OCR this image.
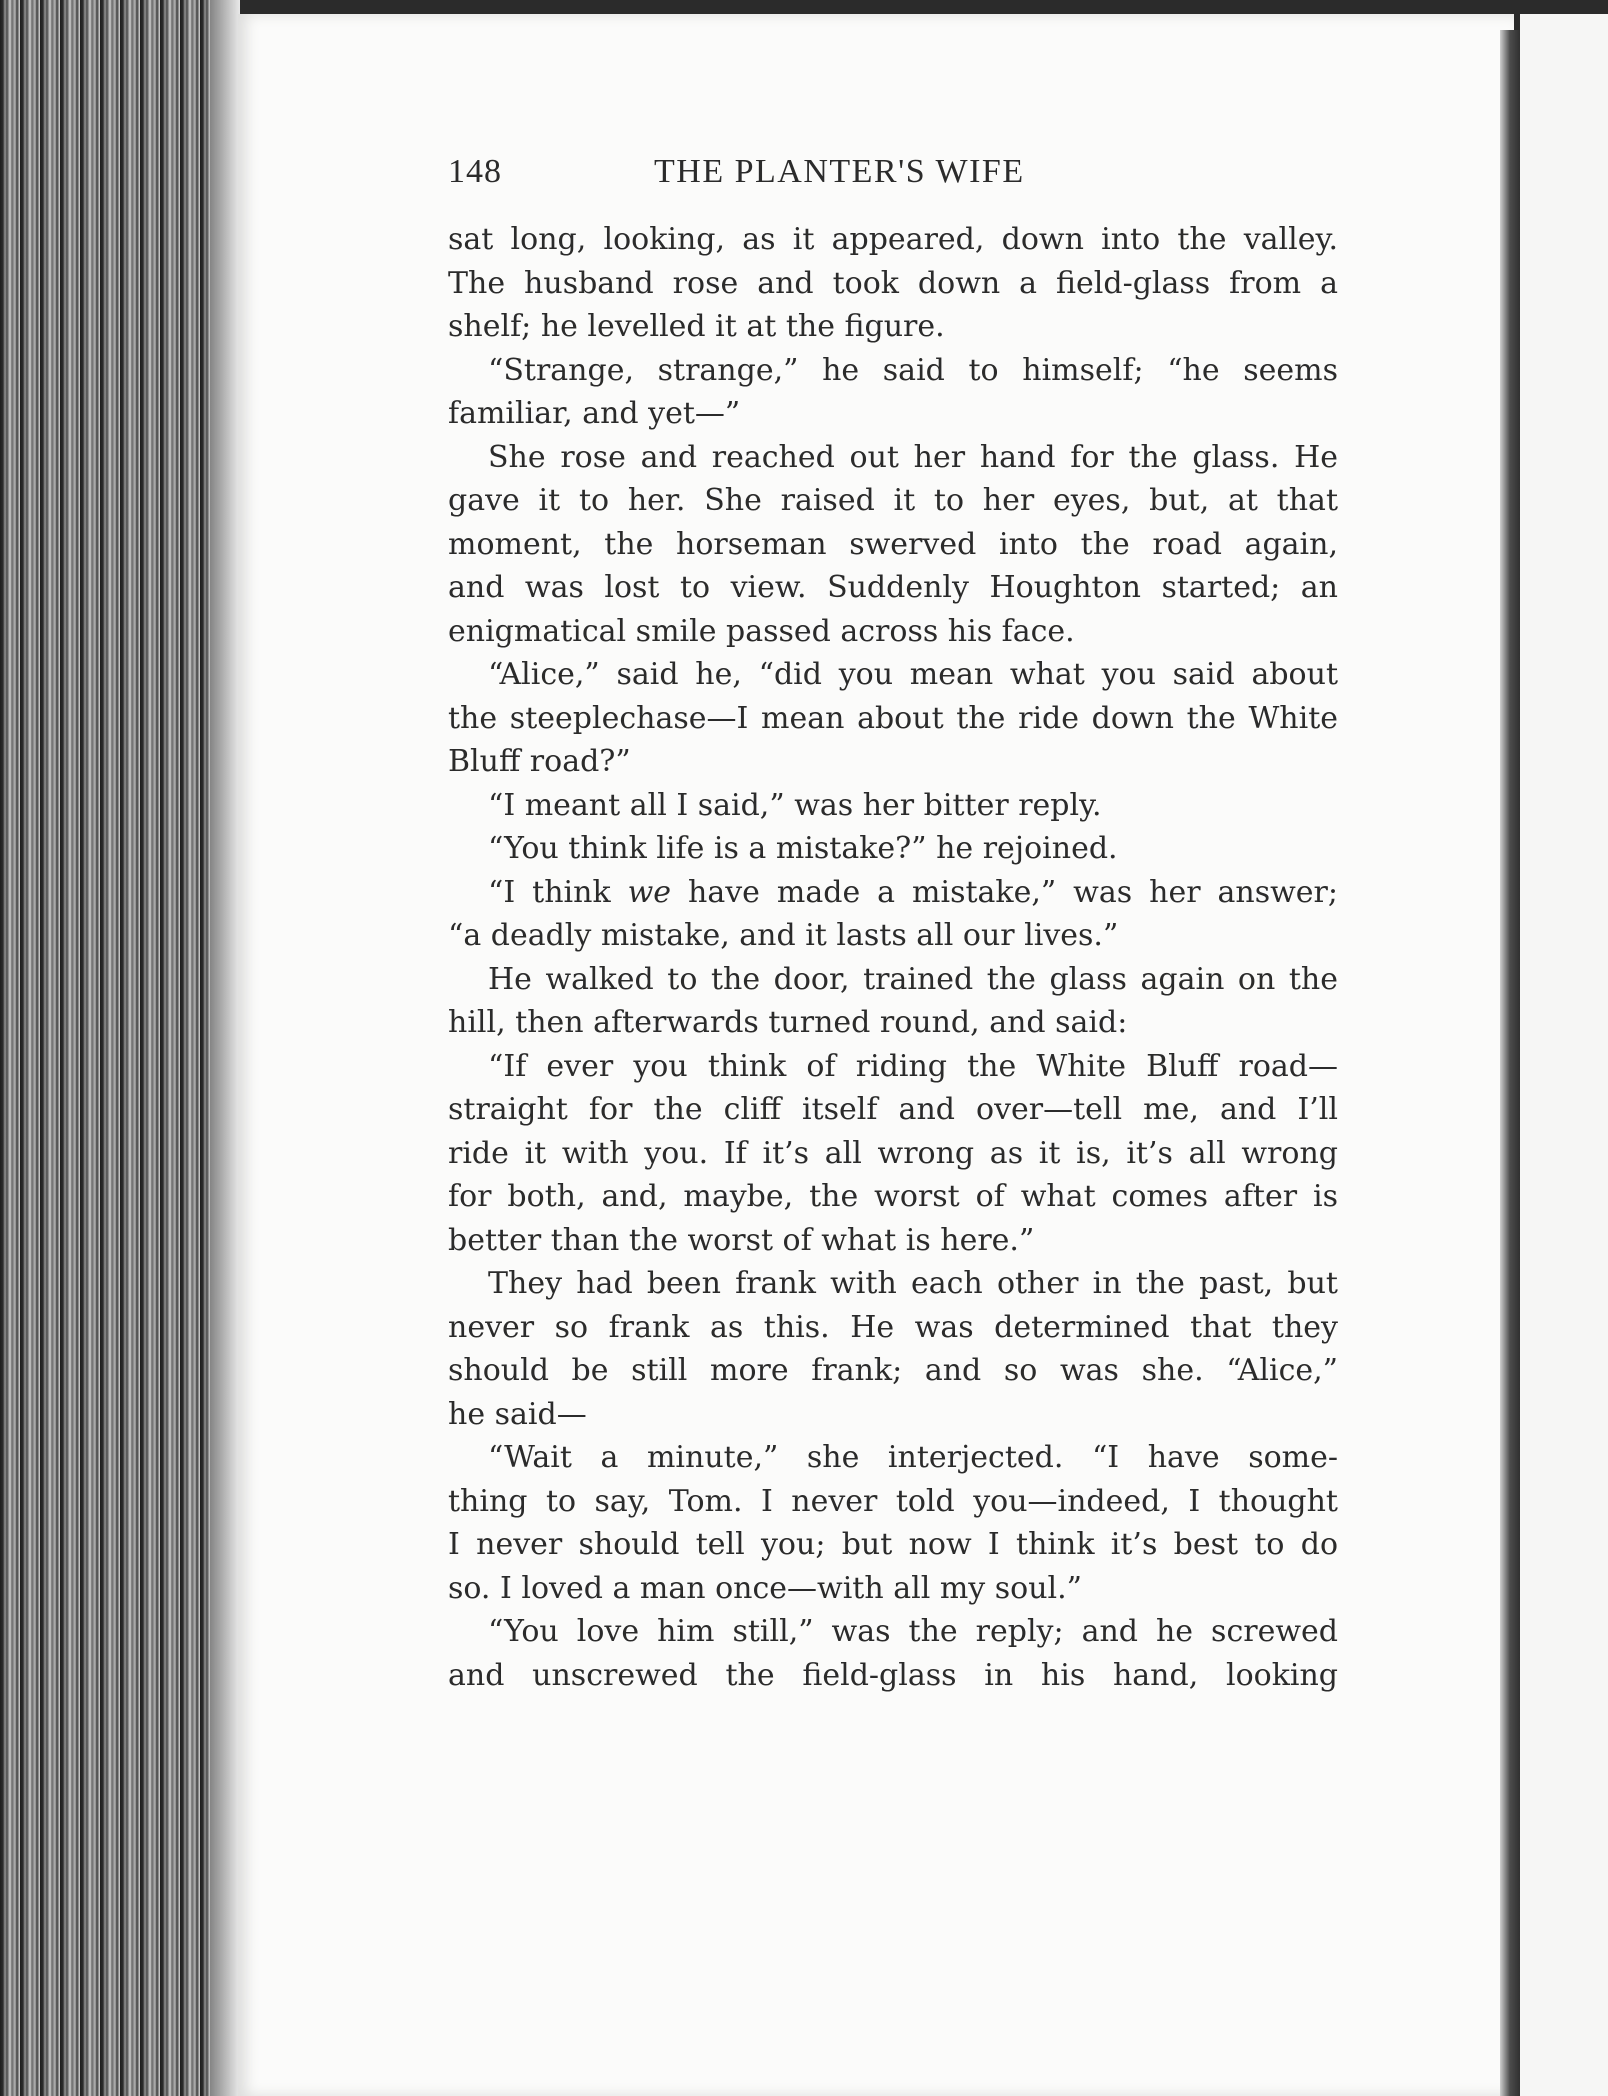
148	THE PLANTER'S WIFE
sat long, looking, as it appeared, down into the valley.
The husband rose and took down a field-glass from a
shelf; he levelled it at the figure.
“Strange, strange,” he said to himself; “he seems
familiar, and yet—”
She rose and reached out her hand for the glass. He
gave it to her. She raised it to her eyes, but, at that
moment, the horseman swerved into the road again,
and was lost to view. Suddenly Houghton started; an
enigmatical smile passed across his face.
“Alice,” said he, “did you mean what you said about
the steeplechase—I mean about the ride down the White
Bluff road?”
“I meant all I said,” was her bitter reply.
“You think life is a mistake?” he rejoined.
“I think we have made a mistake,” was her answer;
“a deadly mistake, and it lasts all our lives.”
He walked to the door, trained the glass again on the
hill, then afterwards turned round, and said:
“If ever you think of riding the White Bluff road—
straight for the cliff itself and over—tell me, and I’ll
ride it with you. If it’s all wrong as it is, it’s all wrong
for both, and, maybe, the worst of what comes after is
better than the worst of what is here.”
They had been frank with each other in the past, but
never so frank as this. He was determined that they
should be still more frank; and so was she. “Alice,”
he said—
“Wait a minute,” she interjected. “I have some-
thing to say, Tom. I never told you—indeed, I thought
I never should tell you; but now I think it’s best to do
so. I loved a man once—with all my soul.”
“You love him still,” was the reply; and he screwed
and unscrewed the field-glass in his hand, looking
